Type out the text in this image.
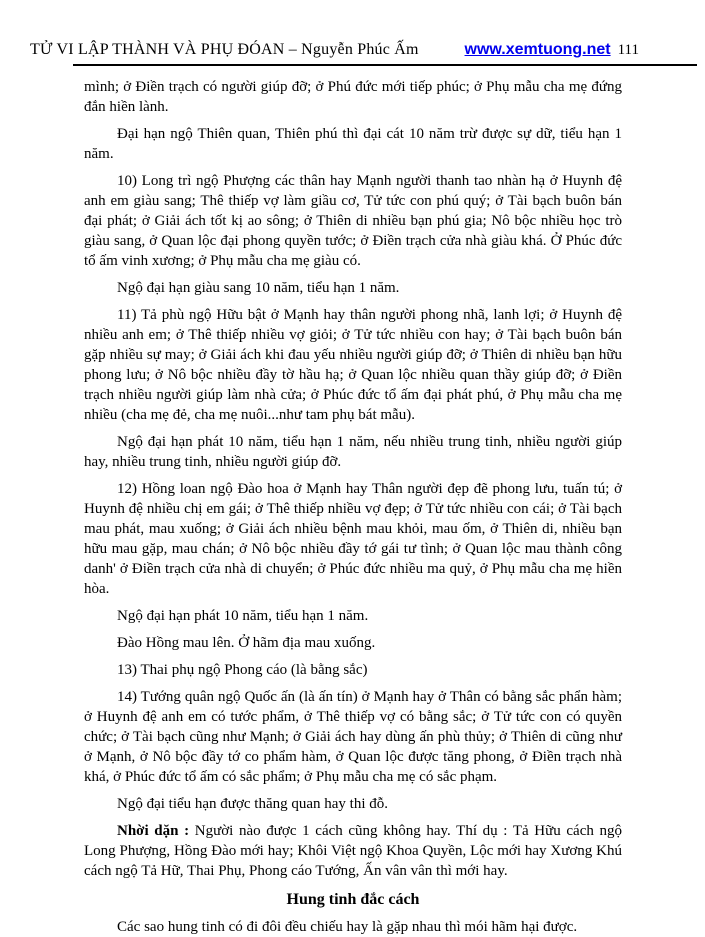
TỬ VI LẬP THÀNH VÀ PHỤ ĐÓAN – Nguyễn Phúc Ấm	www.xemtuong.net 111

mình; ở Điền trạch có người giúp đỡ; ở Phú đức mới tiếp phúc; ở Phụ mẫu cha mẹ đứng đắn hiền lành.

Đại hạn ngộ Thiên quan, Thiên phú thì đại cát 10 năm trừ được sự dữ, tiểu hạn 1 năm.

10) Long trì ngộ Phượng các thân hay Mạnh người thanh tao nhàn hạ ở Huynh đệ anh em giàu sang; Thê thiếp vợ làm giầu cơ, Tử tức con phú quý; ở Tài bạch buôn bán đại phát; ở Giải ách tốt kị ao sông; ở Thiên di nhiều bạn phú gia; Nô bộc nhiều học trò giàu sang, ở Quan lộc đại phong quyền tước; ở Điền trạch cửa nhà giàu khá. Ở Phúc đức tổ ấm vinh xương; ở Phụ mẫu cha mẹ giàu có.

Ngộ đại hạn giàu sang 10 năm, tiểu hạn 1 năm.

11) Tả phù ngộ Hữu bật ở Mạnh hay thân người phong nhã, lanh lợi; ở Huynh đệ nhiều anh em; ở Thê thiếp nhiều vợ giỏi; ở Tử tức nhiều con hay; ở Tài bạch buôn bán gặp nhiều sự may; ở Giải ách khi đau yếu nhiều người giúp đỡ; ở Thiên di nhiều bạn hữu phong lưu; ở Nô bộc nhiều đầy tờ hầu hạ; ở Quan lộc nhiều quan thầy giúp đỡ; ở Điền trạch nhiều người giúp làm nhà cửa; ở Phúc đức tổ ấm đại phát phú, ở Phụ mẫu cha mẹ nhiều (cha mẹ đẻ, cha mẹ nuôi...như tam phụ bát mẫu).

Ngộ đại hạn phát 10 năm, tiểu hạn 1 năm, nếu nhiều trung tinh, nhiều người giúp hay, nhiều trung tinh, nhiều người giúp đỡ.

12) Hồng loan ngộ Đào hoa ở Mạnh hay Thân người đẹp đẽ phong lưu, tuấn tú; ở Huynh đệ nhiều chị em gái; ở Thê thiếp nhiều vợ đẹp; ở Tử tức nhiều con cái; ở Tài bạch mau phát, mau xuống; ở Giải ách nhiều bệnh mau khỏi, mau ốm, ở Thiên di, nhiều bạn hữu mau gặp, mau chán; ở Nô bộc nhiều đầy tớ gái tư tình; ở Quan lộc mau thành công danh' ở Điền trạch cửa nhà di chuyển; ở Phúc đức nhiều ma quỷ, ở Phụ mẫu cha mẹ hiền hòa.

Ngộ đại hạn phát 10 năm, tiểu hạn 1 năm.

Đào Hồng mau lên. Ở hãm địa mau xuống.

13) Thai phụ ngộ Phong cáo (là bằng sắc)

14) Tướng quân ngộ Quốc ấn (là ấn tín) ở Mạnh hay ở Thân có bằng sắc phẩn hàm; ở Huynh đệ anh em có tước phẩm, ở Thê thiếp vợ có bằng sắc; ở Tử tức con có quyền chức; ở Tài bạch cũng như Mạnh; ở Giải ách hay dùng ấn phù thủy; ở Thiên di cũng như ở Mạnh, ở Nô bộc đầy tớ co phẩm hàm, ở Quan lộc được tăng phong, ở Điền trạch nhà khá, ở Phúc đức tổ ấm có sắc phẩm; ở Phụ mẫu cha mẹ có sắc phạm.

Ngộ đại tiểu hạn được thăng quan hay thi đỗ.

Nhời dặn : Người nào được 1 cách cũng không hay. Thí dụ : Tả Hữu cách ngộ Long Phượng, Hồng Đào mới hay; Khôi Việt ngộ Khoa Quyền, Lộc mới hay Xương Khú cách ngộ Tả Hữ, Thai Phụ, Phong cáo Tướng, Ấn vân vân thì mới hay.

Hung tinh đắc cách

Các sao hung tinh có đi đôi đều chiếu hay là gặp nhau thì mói hãm hại được.
